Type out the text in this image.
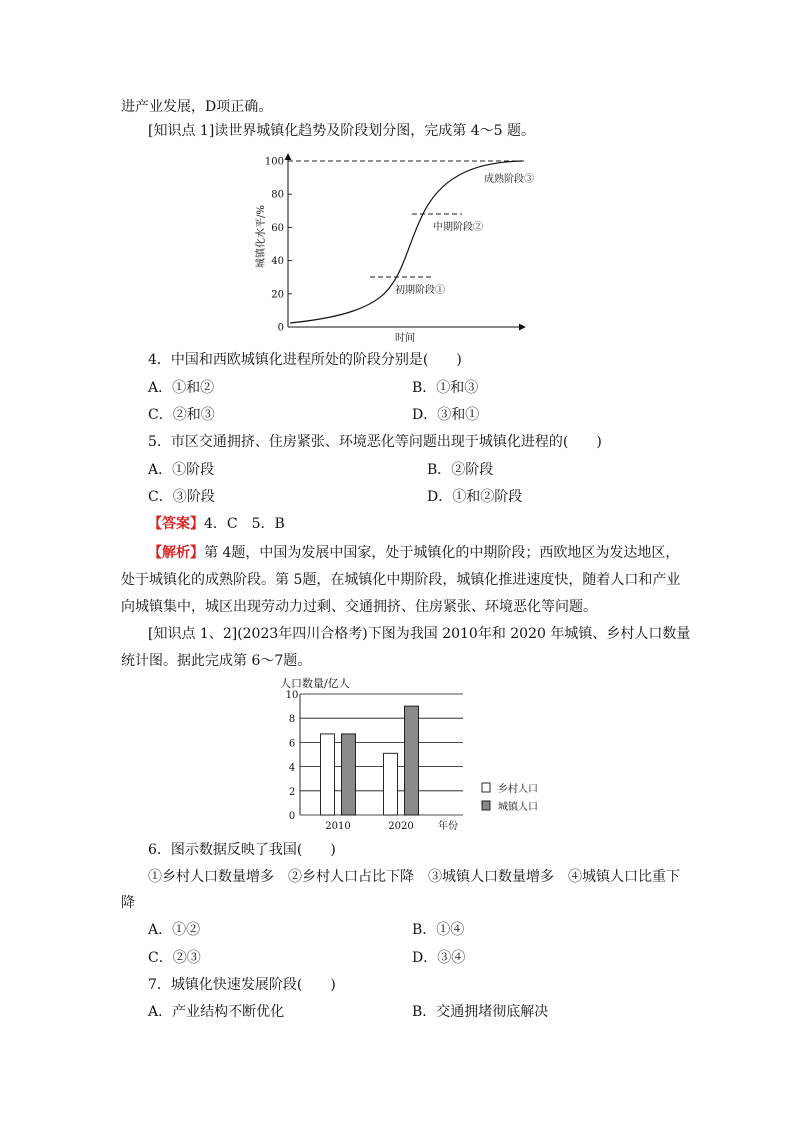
进产业发展，D项正确。
[知识点 1]读世界城镇化趋势及阶段划分图，完成第 4～5 题。
0
20
40
60
80
100
城镇化水平/%
时间
初期阶段①
中期阶段②
成熟阶段③
4．中国和西欧城镇化进程所处的阶段分别是(　　)
A．①和②	B．①和③
C．②和③	D．③和①
5．市区交通拥挤、住房紧张、环境恶化等问题出现于城镇化进程的(　　)
A．①阶段	B．②阶段
C．③阶段	D．①和②阶段
【答案】4．C　5．B
【解析】第 4题，中国为发展中国家，处于城镇化的中期阶段；西欧地区为发达地区，
处于城镇化的成熟阶段。第 5题，在城镇化中期阶段，城镇化推进速度快，随着人口和产业
向城镇集中，城区出现劳动力过剩、交通拥挤、住房紧张、环境恶化等问题。
[知识点 1、2](2023年四川合格考)下图为我国 2010年和 2020 年城镇、乡村人口数量
统计图。据此完成第 6～7题。
人口数量/亿人
0
2
4
6
8
10
2010	2020 年份
乡村人口
城镇人口
6．图示数据反映了我国(　　)
①乡村人口数量增多　②乡村人口占比下降　③城镇人口数量增多　④城镇人口比重下
降
A．①②	B．①④
C．②③	D．③④
7．城镇化快速发展阶段(　　)
A．产业结构不断优化	B．交通拥堵彻底解决
